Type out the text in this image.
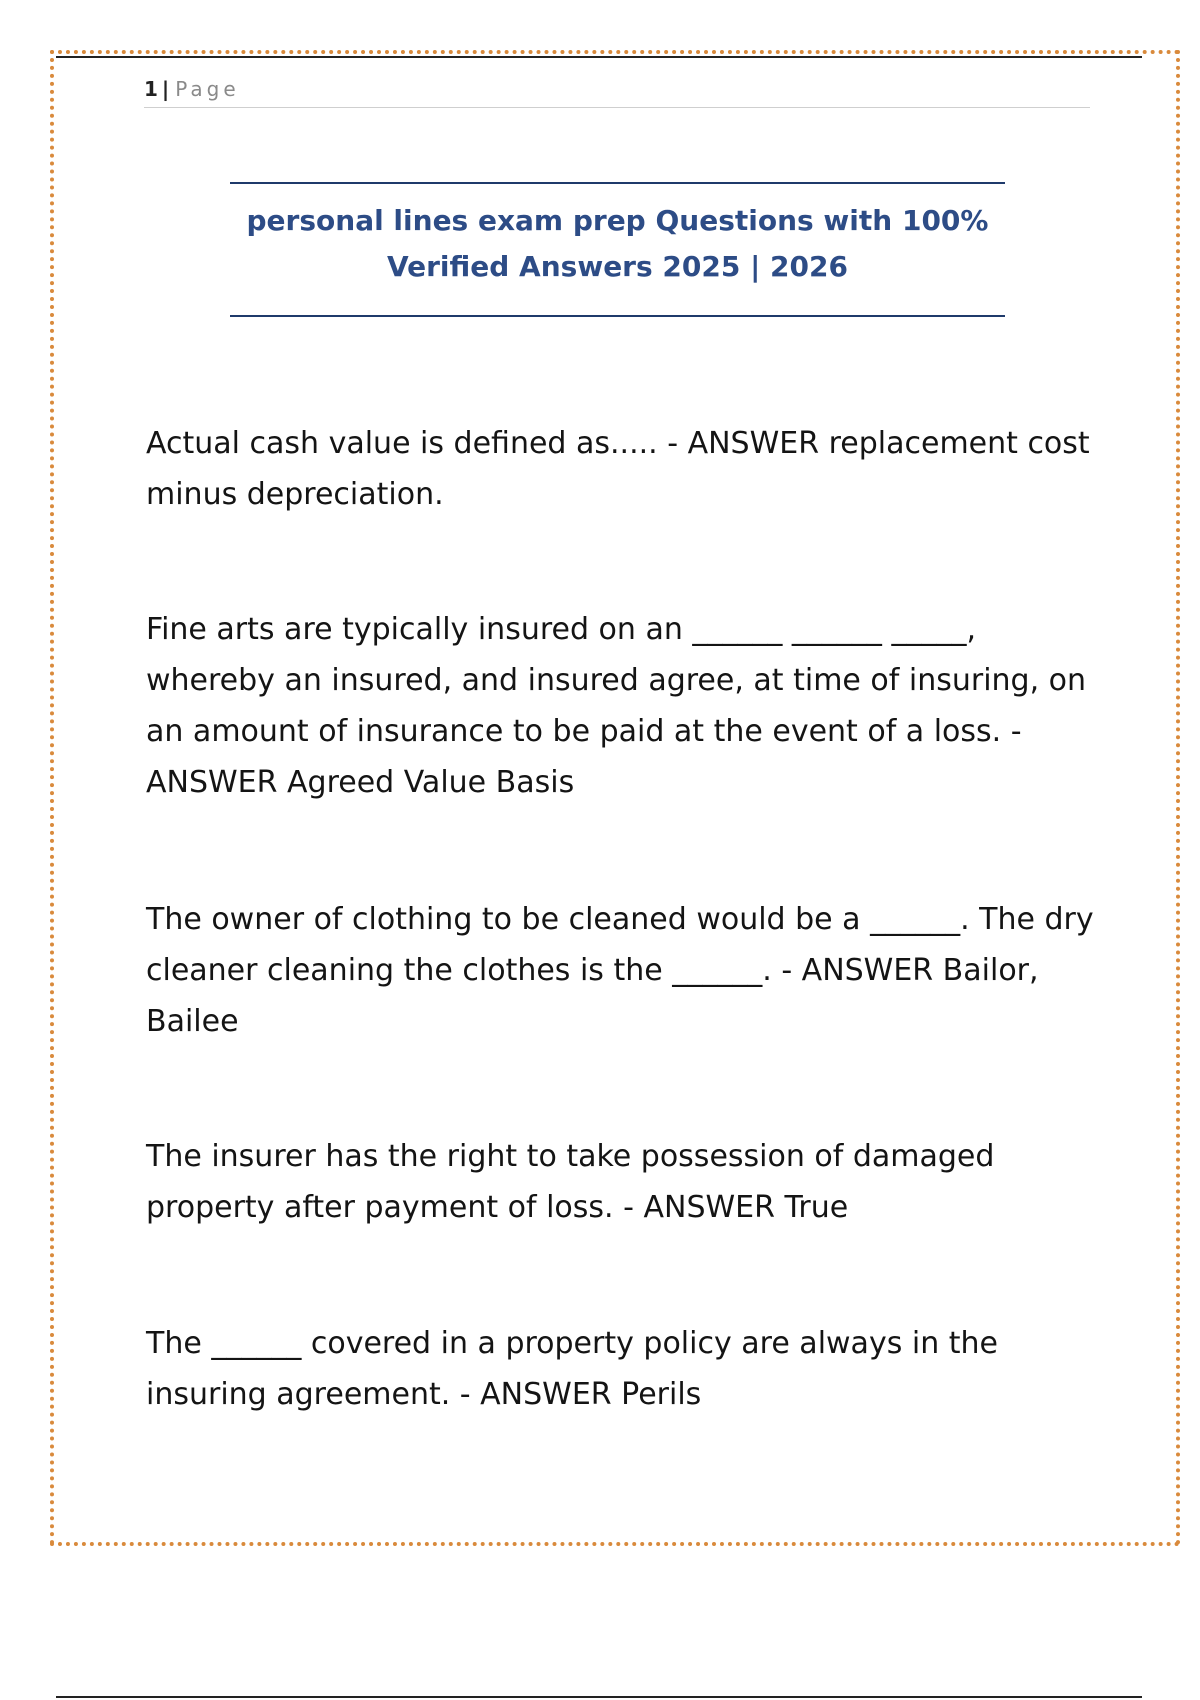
1 | Page
personal lines exam prep Questions with 100%
Verified Answers 2025 | 2026

Actual cash value is defined as..... - ANSWER replacement cost minus depreciation.

Fine arts are typically insured on an ______ ______ _____, whereby an insured, and insured agree, at time of insuring, on an amount of insurance to be paid at the event of a loss. - ANSWER Agreed Value Basis

The owner of clothing to be cleaned would be a ______. The dry cleaner cleaning the clothes is the ______. - ANSWER Bailor, Bailee

The insurer has the right to take possession of damaged property after payment of loss. - ANSWER True

The ______ covered in a property policy are always in the insuring agreement. - ANSWER Perils
